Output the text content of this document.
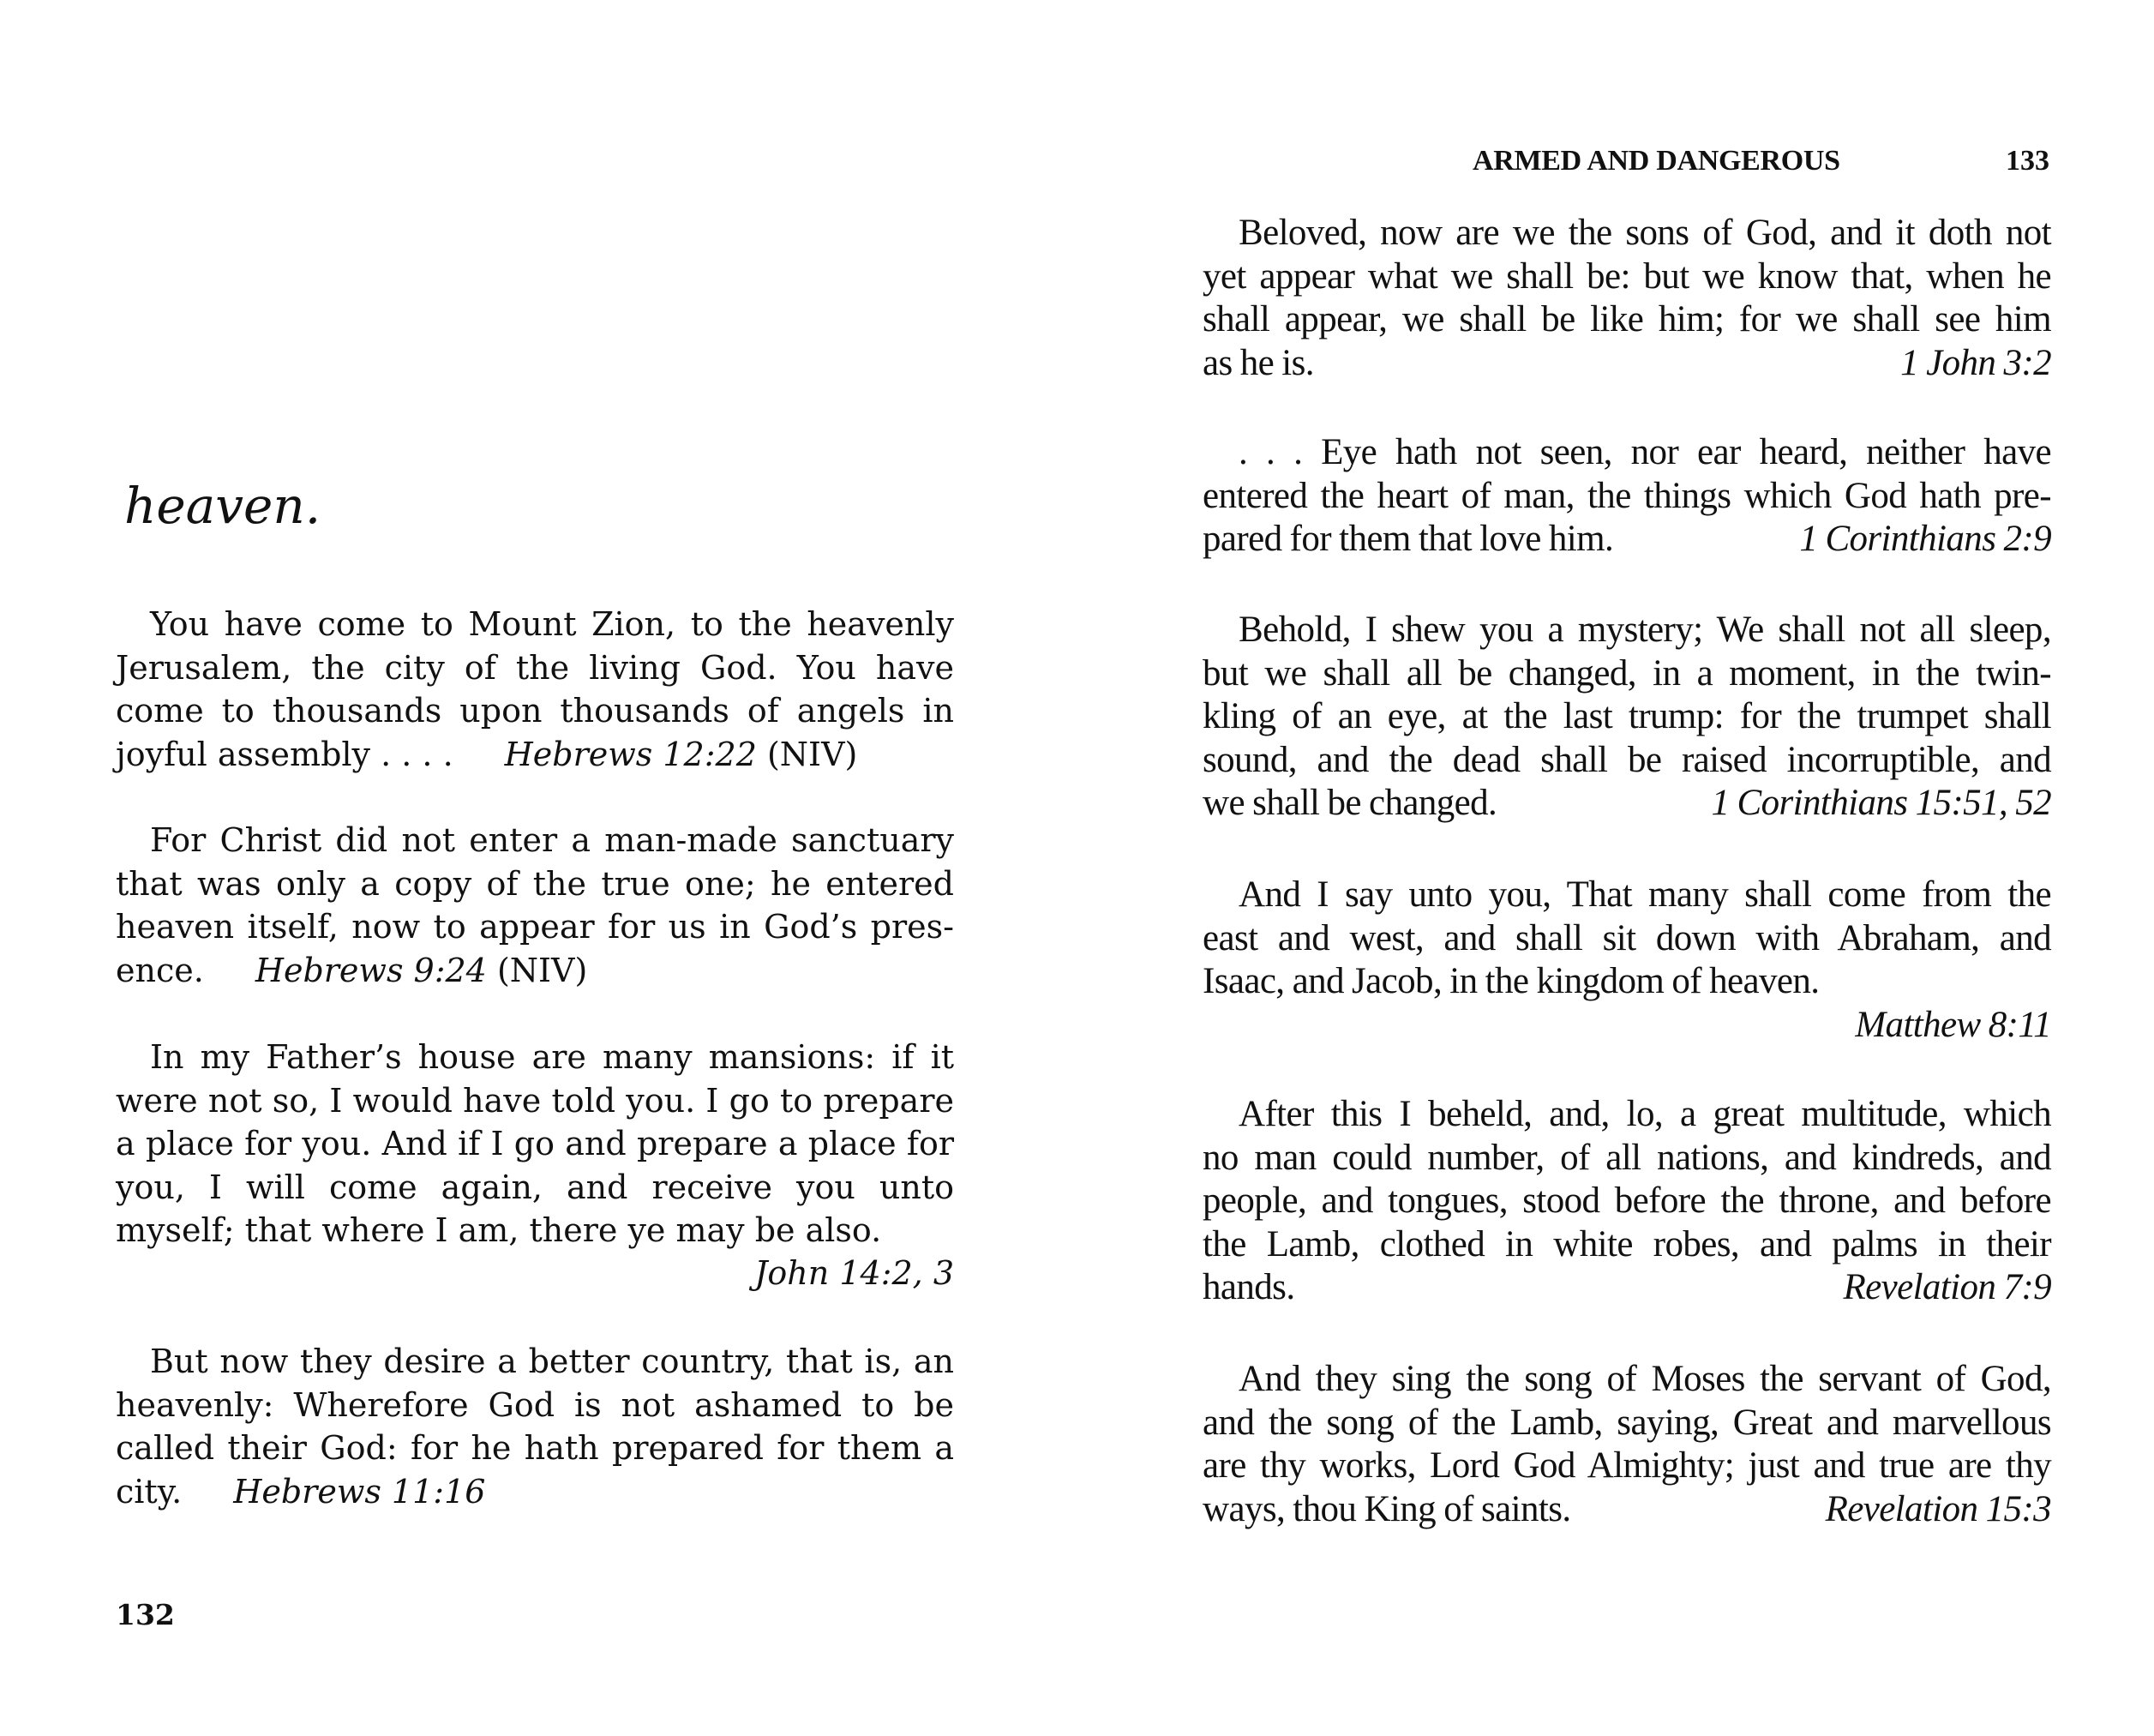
heaven.
You have come to Mount Zion, to the heavenly Jerusalem, the city of the living God. You have come to thousands upon thousands of angels in joyful assembly . . . . Hebrews 12:22 (NIV)
For Christ did not enter a man-made sanctuary that was only a copy of the true one; he entered heaven itself, now to appear for us in God’s pres-ence. Hebrews 9:24 (NIV)
In my Father’s house are many mansions: if it were not so, I would have told you. I go to prepare a place for you. And if I go and prepare a place for you, I will come again, and receive you unto myself; that where I am, there ye may be also.
John 14:2, 3
But now they desire a better country, that is, an heavenly: Wherefore God is not ashamed to be called their God: for he hath prepared for them a city. Hebrews 11:16
132
ARMED AND DANGEROUS	133
Beloved, now are we the sons of God, and it doth not
yet appear what we shall be: but we know that, when he
shall appear, we shall be like him; for we shall see him
as he is.	1 John 3:2
. . . Eye hath not seen, nor ear heard, neither have
entered the heart of man, the things which God hath pre-
pared for them that love him.	1 Corinthians 2:9
Behold, I shew you a mystery; We shall not all sleep,
but we shall all be changed, in a moment, in the twin-
kling of an eye, at the last trump: for the trumpet shall
sound, and the dead shall be raised incorruptible, and
we shall be changed.	1 Corinthians 15:51, 52
And I say unto you, That many shall come from the
east and west, and shall sit down with Abraham, and
Isaac, and Jacob, in the kingdom of heaven.
Matthew 8:11
After this I beheld, and, lo, a great multitude, which
no man could number, of all nations, and kindreds, and
people, and tongues, stood before the throne, and before
the Lamb, clothed in white robes, and palms in their
hands.	Revelation 7:9
And they sing the song of Moses the servant of God,
and the song of the Lamb, saying, Great and marvellous
are thy works, Lord God Almighty; just and true are thy
ways, thou King of saints.	Revelation 15:3
